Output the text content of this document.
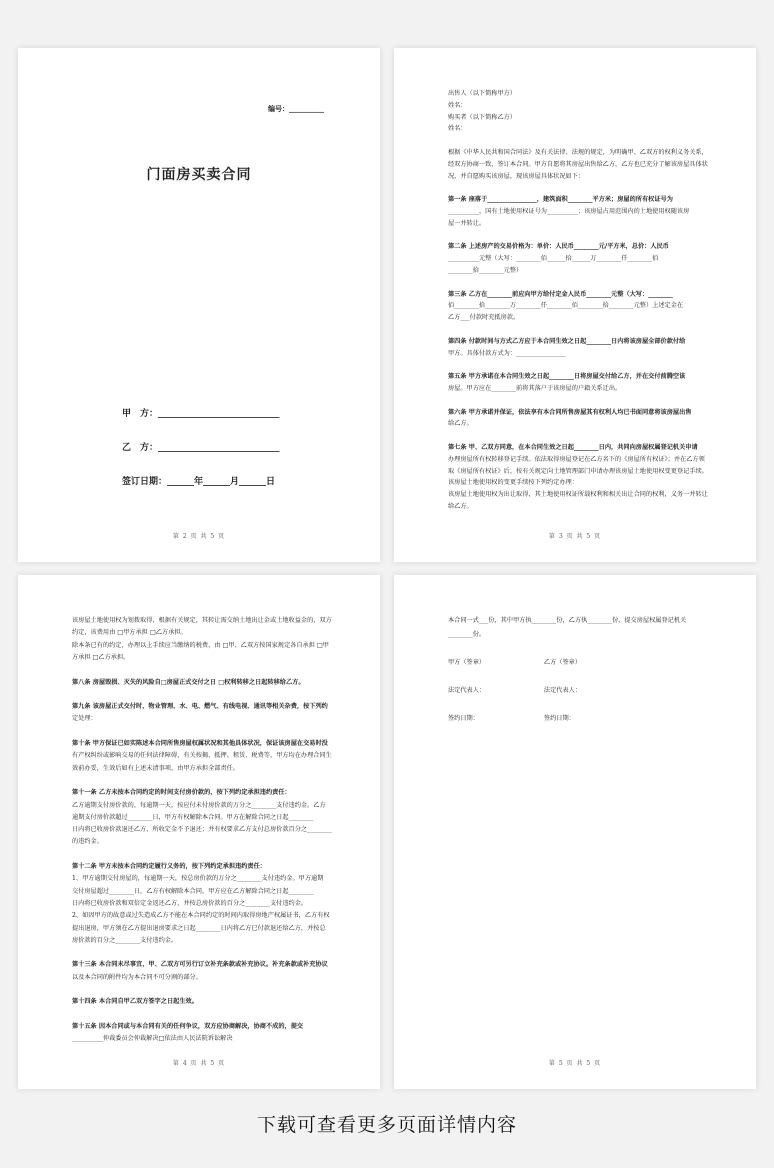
编号：__________
门面房买卖合同
甲　方：___________________________
乙　方：___________________________
签订日期：______年______月______日
第 2 页 共 5 页
出售人（以下简称甲方）
姓名：
购买者（以下简称乙方）
姓名：
根据《中华人民共和国合同法》及有关法律、法规的规定，为明确甲、乙双方的权利义务关系，
经双方协商一致，签订本合同。甲方自愿将其房屋出售给乙方，乙方也已充分了解该房屋具体状
况，并自愿购买该房屋，现该房屋具体状况如下：
第一条 座落于________________，建筑面积________平方米；房屋的所有权证号为
__________，国有土地使用权证号为__________；该房屋占用范围内的土地使用权随该房
屋一并转让。
第二条 上述房产的交易价格为：单价：人民币________元/平方米，总价：人民币
__________元整（大写：________佰______拾______万________仟________佰
________拾________元整）
第三条 乙方在________前应向甲方给付定金人民币________元整（大写：________
佰________拾________万________仟________佰________拾________元整）上述定金在
乙方___付款时充抵房款。
第四条 付款时间与方式乙方应于本合同生效之日起________日内将该房屋全部价款付给
甲方。具体付款方式为：________________
第五条 甲方承诺在本合同生效之日起________日将房屋交付给乙方，并在交付前腾空该
房屋。甲方应在________前将其落户于该房屋的户籍关系迁出。
第六条 甲方承诺并保证，依法享有本合同所售房屋其有权利人均已书面同意将该房屋出售
给乙方。
第七条 甲、乙双方同意，在本合同生效之日起________日内，共同向房屋权属登记机关申请
办理房屋所有权转移登记手续。依法取得房屋登记在乙方名下的《房屋所有权证》；并在乙方领
取《房屋所有权证》后，按有关规定向土地管理部门申请办理该房屋土地使用权变更登记手续。
该房屋土地使用权的变更手续按下列约定办理：
该房屋土地使用权为出让取得，其土地使用权证所载权利和相关出让合同的权利，义务一并转让
给乙方。
第 3 页 共 5 页
该房屋土地使用权为划拨取得，根据有关规定，其转让需交纳土地出让金或土地收益金的，双方
约定，该费用由 □甲方承担 □乙方承担。
除本条已有的约定，办理以上手续应当缴纳的税费，由 □甲、乙双方按国家规定各自承担 □甲
方承担 □乙方承担。
第八条 房屋毁损、灭失的风险自□房屋正式交付之日 □权利转移之日起转移给乙方。
第九条 该房屋正式交付时，物业管理、水、电、燃气、有线电视、通讯等相关杂费，按下列约
定处理：
第十条 甲方保证已如实陈述本合同所售房屋权属状况和其他具体状况，保证该房屋在交易时没
有产权纠纷或影响交易的任何法律障碍，有关按揭、抵押、租赁、税费等，甲方均在办理合同生
效前办妥，生效后如有上述未清事项，由甲方承担全部责任。
第十一条 乙方未按本合同约定的时间支付房价款的，按下列约定承担违约责任：
乙方逾期支付房价款的，每逾期一天，按应付未付房价款的万分之________支付违约金。乙方
逾期支付房价款超过________日，甲方有权解除本合同。甲方在解除合同之日起________
日内将已收房价款退还乙方，所收定金不予退还；并有权要求乙方支付总房价款百分之________
的违约金。
第十二条 甲方未按本合同约定履行义务的，按下列约定承担违约责任：
1、甲方逾期交付房屋的，每逾期一天，按总房价款的万分之________支付违约金。甲方逾期
交付房屋超过________日，乙方有权解除本合同。甲方应在乙方解除合同之日起________
日内将已收房价款和双倍定金返还乙方，并按总房价款的百分之________支付违约金。
2、如因甲方的故意或过失造成乙方不能在本合同约定的时间内取得房地产权属证书，乙方有权
提出退房，甲方须在乙方提出退房要求之日起________日内将乙方已付款退还给乙方，并按总
房价款的百分之________支付违约金。
第十三条 本合同未尽事宜，甲、乙双方可另行订立补充条款或补充协议。补充条款或补充协议
以及本合同的附件均为本合同不可分割的部分。
第十四条 本合同自甲乙双方签字之日起生效。
第十五条 因本合同或与本合同有关的任何争议，双方应协商解决，协商不成的，提交
__________仲裁委员会仲裁解决□依法由人民法院诉讼解决
第 4 页 共 5 页
本合同一式___份，其中甲方执________份，乙方执________份，提交房屋权属登记机关
________份。
甲方（签章）　　　　　　　　　　乙方（签章）
法定代表人：　　　　　　　　　　法定代表人：
签约日期：　　　　　　　　　　　签约日期：
第 5 页 共 5 页
下载可查看更多页面详情内容
